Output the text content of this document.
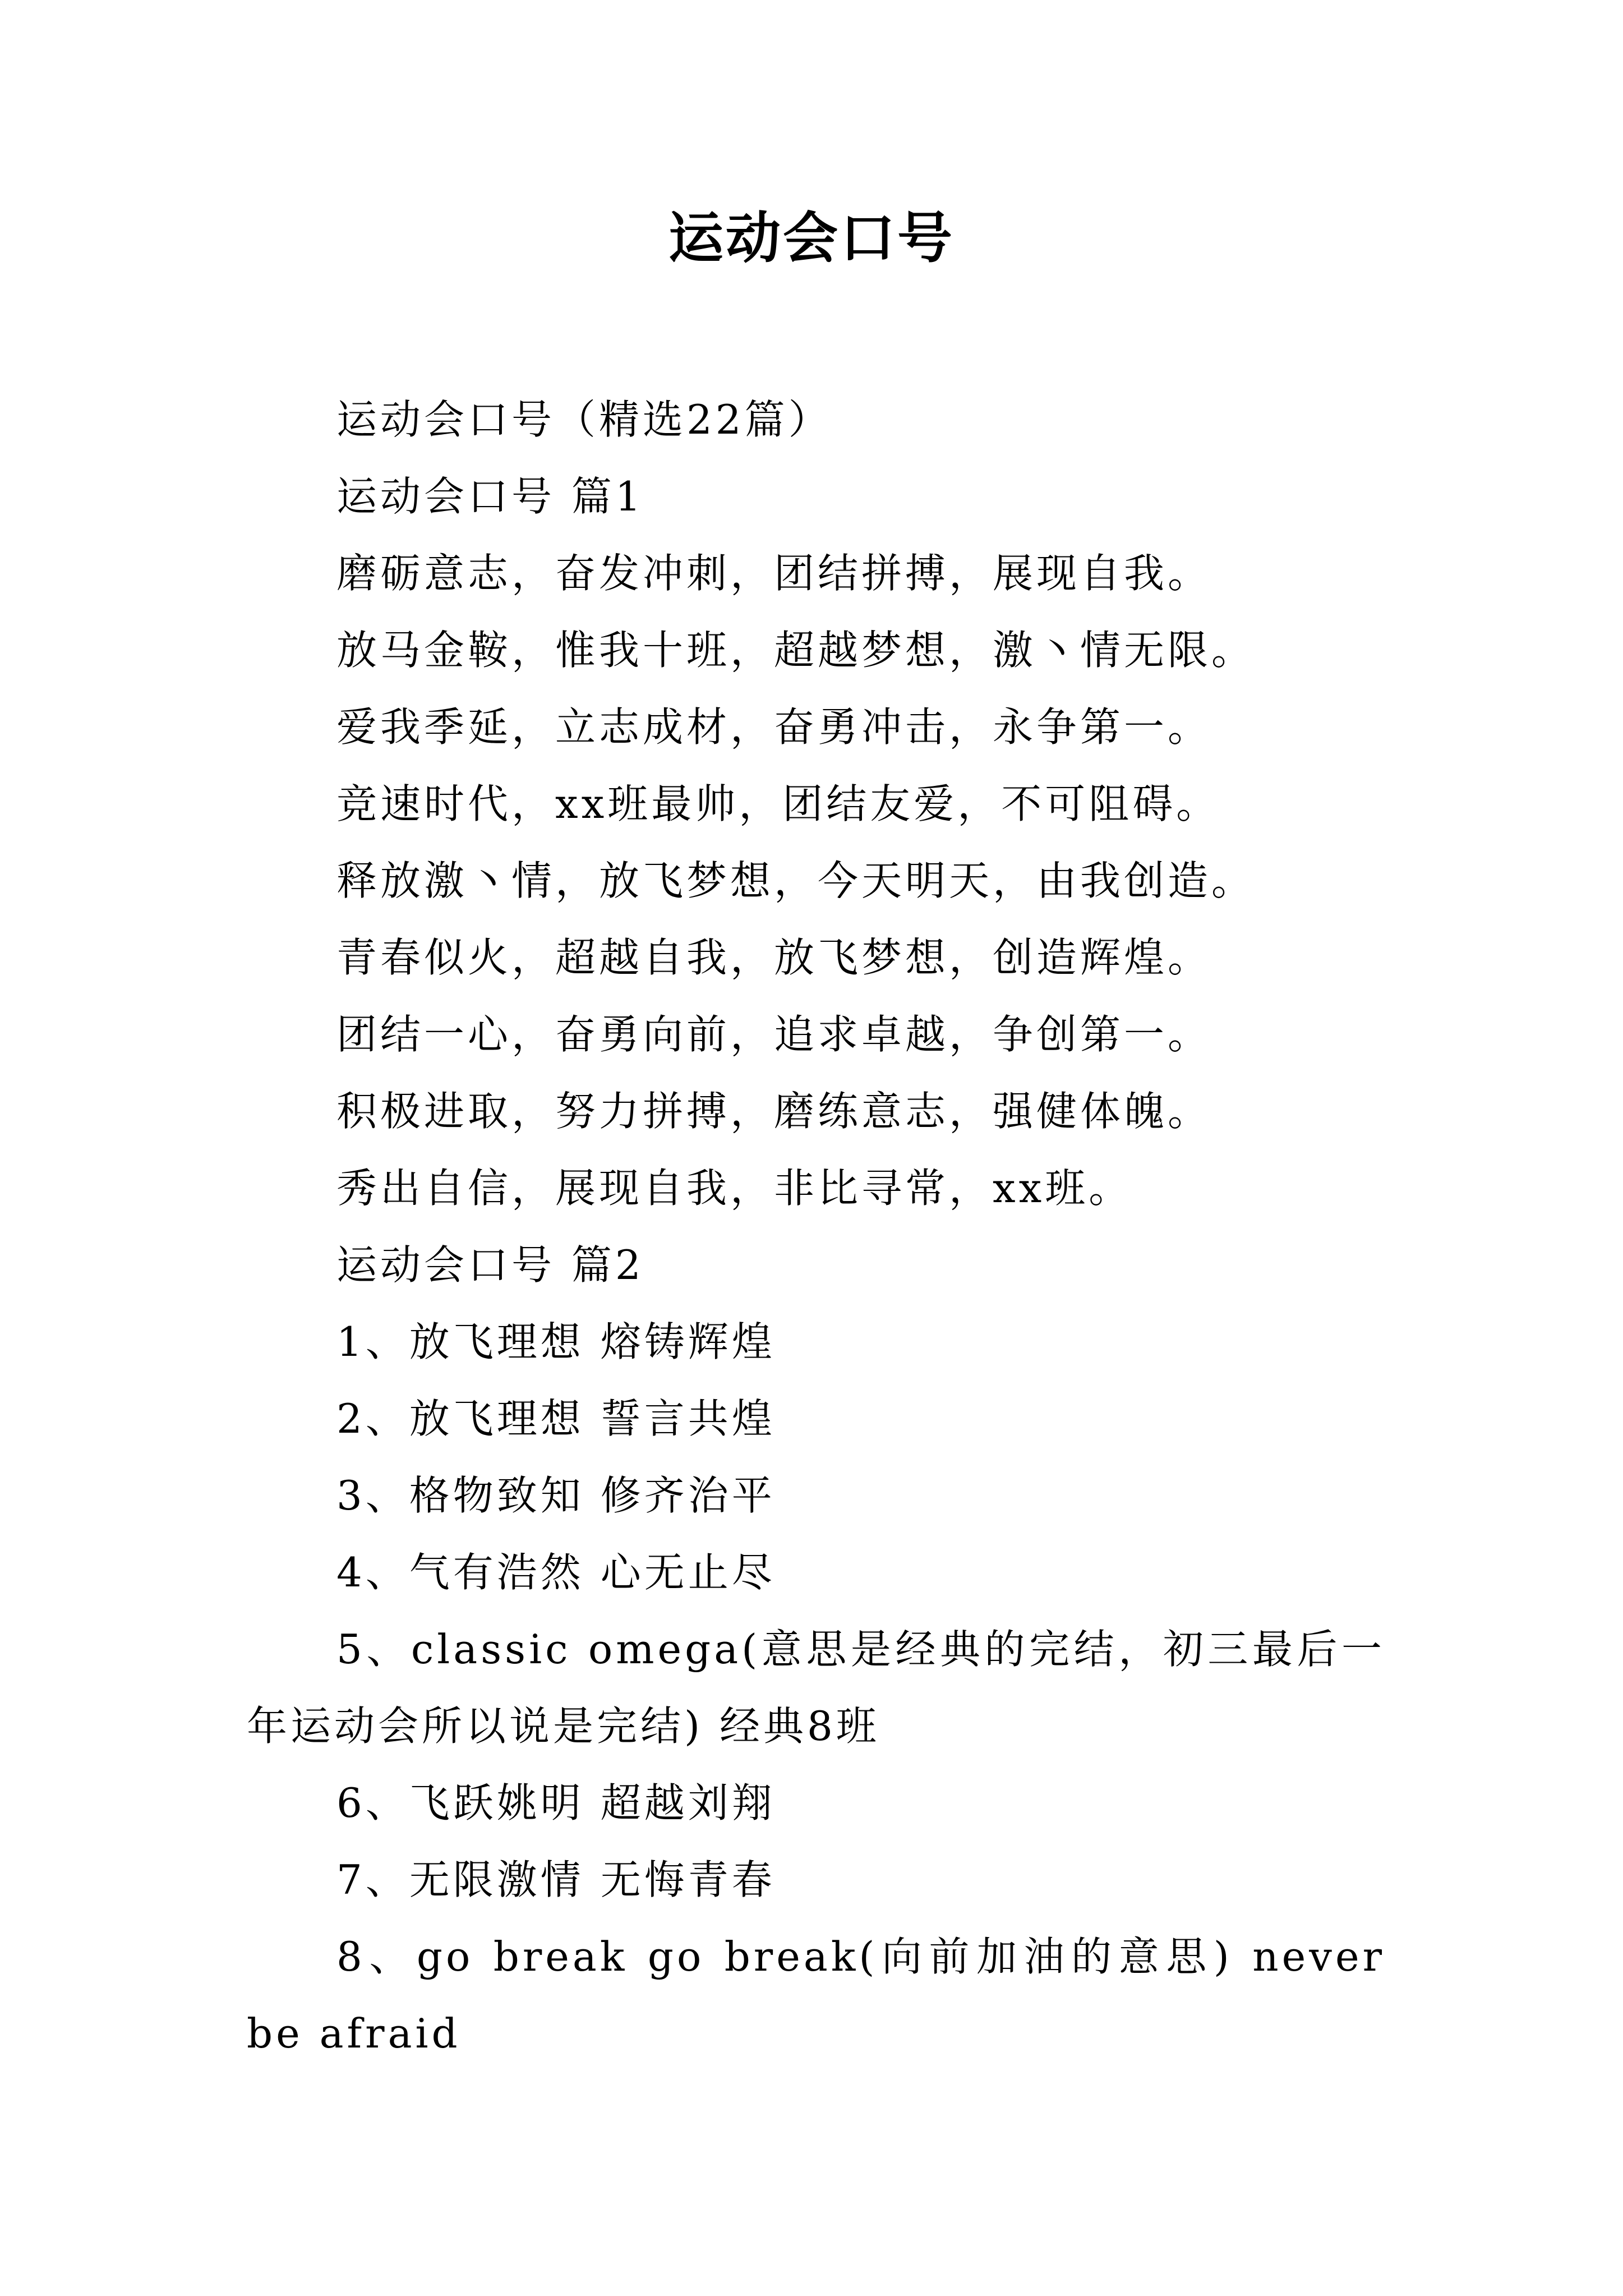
运动会口号
运动会口号（精选22篇）
运动会口号 篇1
磨砺意志，奋发冲刺，团结拼搏，展现自我。
放马金鞍，惟我十班，超越梦想，激丶情无限。
爱我季延，立志成材，奋勇冲击，永争第一。
竞速时代，xx班最帅，团结友爱，不可阻碍。
释放激丶情，放飞梦想，今天明天，由我创造。
青春似火，超越自我，放飞梦想，创造辉煌。
团结一心，奋勇向前，追求卓越，争创第一。
积极进取，努力拼搏，磨练意志，强健体魄。
秀出自信，展现自我，非比寻常，xx班。
运动会口号 篇2
1、放飞理想 熔铸辉煌
2、放飞理想 誓言共煌
3、格物致知 修齐治平
4、气有浩然 心无止尽
5、classic omega(意思是经典的完结，初三最后一年运动会所以说是完结) 经典8班
6、飞跃姚明 超越刘翔
7、无限激情 无悔青春
8、go break go break(向前加油的意思) never be afraid
